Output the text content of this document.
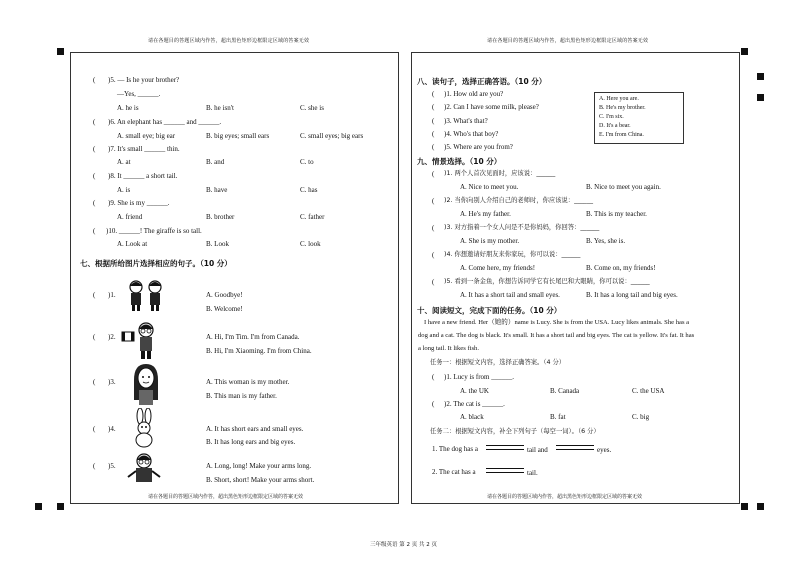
请在各题目的答题区域内作答，超出黑色矩形边框限定区域的答案无效	请在各题目的答题区域内作答，超出黑色矩形边框限定区域的答案无效
( )5. — Is he your brother?
—Yes, ______.
A. he is	B. he isn't	C. she is
( )6. An elephant has ______ and ______.
A. small eye; big ear	B. big eyes; small ears	C. small eyes; big ears
( )7. It's small ______ thin.
A. at	B. and	C. to
( )8. It ______ a short tail.
A. is	B. have	C. has
( )9. She is my ______.
A. friend	B. brother	C. father
( )10. ______! The giraffe is so tall.
A. Look at	B. Look	C. look
七、根据所给图片选择相应的句子。（10 分）
( )1.	A. Goodbye!
B. Welcome!
( )2.	A. Hi, I'm Tim. I'm from Canada.
B. Hi, I'm Xiaoming. I'm from China.
( )3.	A. This woman is my mother.
B. This man is my father.
( )4.	A. It has short ears and small eyes.
B. It has long ears and big eyes.
( )5.	A. Long, long! Make your arms long.
B. Short, short! Make your arms short.
请在各题目的答题区域内作答，超出黑色矩形边框限定区域的答案无效
八、读句子，选择正确答语。（10 分）
( )1. How old are you?
( )2. Can I have some milk, please?
( )3. What's that?
( )4. Who's that boy?
( )5. Where are you from?
A. Here you are.
B. He's my brother.
C. I'm six.
D. It's a bear.
E. I'm from China.
九、情景选择。（10 分）
( )1. 两个人首次见面时，应该说：______
A. Nice to meet you.	B. Nice to meet you again.
( )2. 当你向别人介绍自己的老师时，你应该说：______
A. He's my father.	B. This is my teacher.
( )3. 对方指着一个女人问是不是你妈妈，你回答：______
A. She is my mother.	B. Yes, she is.
( )4. 你想邀请好朋友来你家玩，你可以说：______
A. Come here, my friends!	B. Come on, my friends!
( )5. 看到一条金鱼，你想告诉同学它有长尾巴和大眼睛，你可以说：______
A. It has a short tail and small eyes.	B. It has a long tail and big eyes.
十、阅读短文，完成下面的任务。（10 分）
I have a new friend. Her（她的）name is Lucy. She is from the USA. Lucy likes animals. She has a
dog and a cat. The dog is black. It's small. It has a short tail and big eyes. The cat is yellow. It's fat. It has
a long tail. It likes fish.
任务一：根据短文内容，选择正确答案。（4 分）
( )1. Lucy is from ______.
A. the UK	B. Canada	C. the USA
( )2. The cat is ______.
A. black	B. fat	C. big
任务二：根据短文内容，补全下列句子（每空一词）。（6 分）
1. The dog has a	tail and	eyes.
2. The cat has a	tail.
请在各题目的答题区域内作答，超出黑色矩形边框限定区域的答案无效
三年级英语 第 2 页 共 2 页
